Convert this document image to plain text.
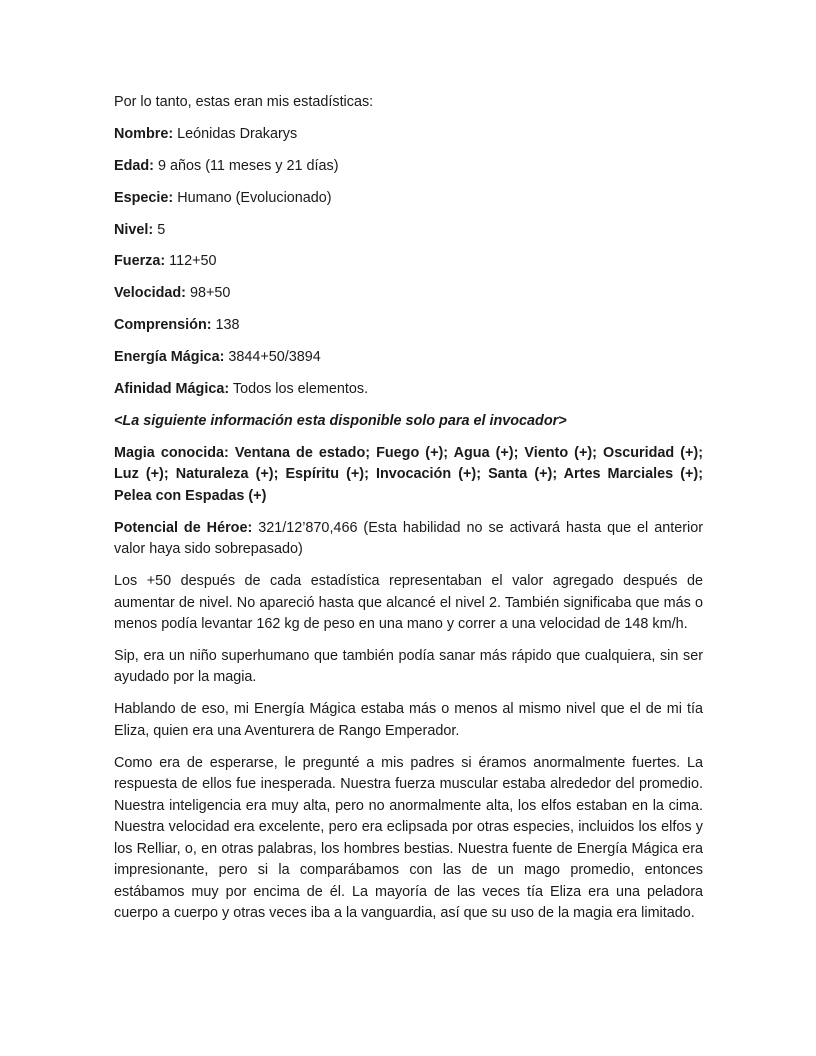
Por lo tanto, estas eran mis estadísticas:

Nombre: Leónidas Drakarys

Edad: 9 años (11 meses y 21 días)

Especie: Humano (Evolucionado)

Nivel: 5

Fuerza: 112+50

Velocidad: 98+50

Comprensión: 138

Energía Mágica: 3844+50/3894

Afinidad Mágica: Todos los elementos.

<La siguiente información esta disponible solo para el invocador>

Magia conocida: Ventana de estado; Fuego (+); Agua (+); Viento (+); Oscuridad (+); Luz (+); Naturaleza (+); Espíritu (+); Invocación (+); Santa (+); Artes Marciales (+); Pelea con Espadas (+)

Potencial de Héroe: 321/12’870,466 (Esta habilidad no se activará hasta que el anterior valor haya sido sobrepasado)

Los +50 después de cada estadística representaban el valor agregado después de aumentar de nivel. No apareció hasta que alcancé el nivel 2. También significaba que más o menos podía levantar 162 kg de peso en una mano y correr a una velocidad de 148 km/h.

Sip, era un niño superhumano que también podía sanar más rápido que cualquiera, sin ser ayudado por la magia.

Hablando de eso, mi Energía Mágica estaba más o menos al mismo nivel que el de mi tía Eliza, quien era una Aventurera de Rango Emperador.

Como era de esperarse, le pregunté a mis padres si éramos anormalmente fuertes. La respuesta de ellos fue inesperada. Nuestra fuerza muscular estaba alrededor del promedio. Nuestra inteligencia era muy alta, pero no anormalmente alta, los elfos estaban en la cima. Nuestra velocidad era excelente, pero era eclipsada por otras especies, incluidos los elfos y los Relliar, o, en otras palabras, los hombres bestias. Nuestra fuente de Energía Mágica era impresionante, pero si la comparábamos con las de un mago promedio, entonces estábamos muy por encima de él. La mayoría de las veces tía Eliza era una peladora cuerpo a cuerpo y otras veces iba a la vanguardia, así que su uso de la magia era limitado.
